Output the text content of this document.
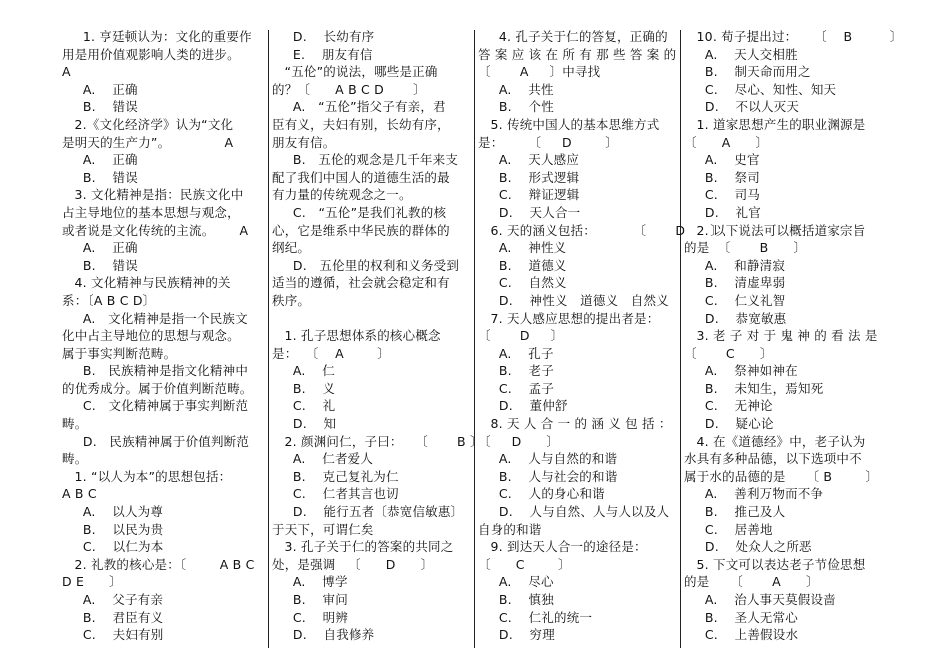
1. 亨廷顿认为：文化的重要作
用是用价值观影响人类的进步。
A
A.    正确
B.    错误
2.《文化经济学》认为“文化
是明天的生产力”。             A
A.    正确
B.    错误
3. 文化精神是指：民族文化中
占主导地位的基本思想与观念，
或者说是文化传统的主流。      A
A.    正确
B.    错误
4. 文化精神与民族精神的关
系：〔A B C D〕
A.   文化精神是指一个民族文
化中占主导地位的思想与观念。
属于事实判断范畴。
B.   民族精神是指文化精神中
的优秀成分。属于价值判断范畴。
C.   文化精神属于事实判断范
畴。
D.   民族精神属于价值判断范
畴。
1. “以人为本”的思想包括：
A B C
A.    以人为尊
B.    以民为贵
C.    以仁为本
2. 礼教的核心是：〔        A B C
D E      〕
A.    父子有亲
B.    君臣有义
C.    夫妇有别
D.    长幼有序
E.    朋友有信
“五伦”的说法，哪些是正确
的？〔      A B C D       〕
A.   “五伦”指父子有亲，君
臣有义，夫妇有别，长幼有序，
朋友有信。
B.   五伦的观念是几千年来支
配了我们中国人的道德生活的最
有力量的传统观念之一。
C.   “五伦”是我们礼教的核
心，它是维系中华民族的群体的
纲纪。
D.   五伦里的权利和义务受到
适当的遵循，社会就会稳定和有
秩序。
1. 孔子思想体系的核心概念
是：  〔    A        〕
A.    仁
B.    义
C.    礼
D.    知
2. 颜渊问仁，子曰：   〔       B 〕
A.    仁者爱人
B.    克己复礼为仁
C.    仁者其言也讱
D.    能行五者〔恭宽信敏惠〕
于天下，可谓仁矣
3. 孔子关于仁的答案的共同之
处，是强调   〔      D      〕
A.    博学
B.    审问
C.    明辨
D.    自我修养
4. 孔子关于仁的答复，正确的
答 案 应 该 在 所 有 那 些 答 案 的
〔       A     〕中寻找
A.    共性
B.    个性
5. 传统中国人的基本思维方式
是：      〔     D        〕
A.    天人感应
B.    形式逻辑
C.    辩证逻辑
D.    天人合一
6. 天的涵义包括：         〔       D      〕
A.    神性义
B.    道德义
C.    自然义
D.    神性义   道德义   自然义
7. 天人感应思想的提出者是：
〔       D     〕
A.    孔子
B.    老子
C.    孟子
D.    董仲舒
8. 天 人 合 一 的 涵 义 包 括 ：
〔     D      〕
A.    人与自然的和谐
B.    人与社会的和谐
C.    人的身心和谐
D.    人与自然、人与人以及人
自身的和谐
9. 到达天人合一的途径是：
〔      C        〕
A.    尽心
B.    慎独
C.    仁礼的统一
D.    穷理
10. 荀子提出过：    〔    B         〕
A.    天人交相胜
B.    制天命而用之
C.    尽心、知性、知天
D.    不以人灭天
1. 道家思想产生的职业渊源是
〔      A      〕
A.    史官
B.    祭司
C.    司马
D.    礼官
2. 以下说法可以概括道家宗旨
的是  〔       B      〕
A.    和静清寂
B.    清虚卑弱
C.    仁义礼智
D.    恭宽敏惠
3. 老 子 对 于 鬼 神 的 看 法 是
〔       C      〕
A.    祭神如神在
B.    未知生，焉知死
C.    无神论
D.    疑心论
4. 在《道德经》中，老子认为
水具有多种品德，以下选项中不
属于水的品德的是     〔 B        〕
A.    善利万物而不争
B.    推己及人
C.    居善地
D.    处众人之所恶
5. 下文可以表达老子节俭思想
的是     〔       A      〕
A.    治人事天莫假设啬
B.    圣人无常心
C.    上善假设水
